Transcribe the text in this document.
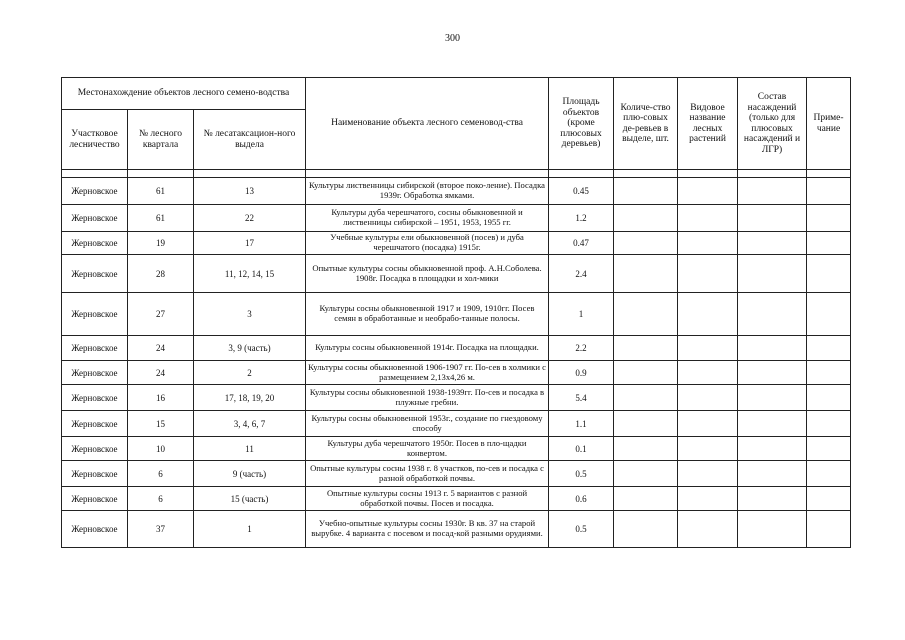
300
Местонахождение объектов лесного семено-водства			Наименование объекта лесного семеновод-ства	Площадь объектов (кроме плюсовых деревьев)	Количе-ство плю-совых де-ревьев в выделе, шт.	Видовое название лесных растений	Состав насаждений (только для плюсовых насаждений и ЛГР)	Приме-чание
Участковое лесничество	№ лесного квартала	№ лесатаксацион-ного выдела						

Жерновское	61	13	Культуры лиственницы сибирской (второе поко-ление). Посадка 1939г. Обработка ямками.	0.45				
Жерновское	61	22	Культуры дуба черешчатого, сосны обыкновенной и лиственницы сибирской – 1951, 1953, 1955 гг.	1.2				
Жерновское	19	17	Учебные культуры ели обыкновенной (посев) и дуба черешчатого (посадка) 1915г.	0.47				
Жерновское	28	11, 12, 14, 15	Опытные культуры сосны обыкновенной проф. А.Н.Соболева. 1908г. Посадка в площадки и хол-мики	2.4				
Жерновское	27	3	Культуры сосны обыкновенной 1917 и 1909, 1910гг. Посев семян в обработанные и необрабо-танные полосы.	1				
Жерновское	24	3, 9 (часть)	Культуры сосны обыкновенной 1914г. Посадка на площадки.	2.2				
Жерновское	24	2	Культуры сосны обыкновенной 1906-1907 гг. По-сев в холмики с размещением 2,13х4,26 м.	0.9				
Жерновское	16	17, 18, 19, 20	Культуры сосны обыкновенной 1938-1939гг. По-сев и посадка в плужные гребни.	5.4				
Жерновское	15	3, 4, 6, 7	Культуры сосны обыкновенной 1953г., создание по гнездовому способу	1.1				
Жерновское	10	11	Культуры дуба черешчатого 1950г. Посев в пло-щадки конвертом.	0.1				
Жерновское	6	9 (часть)	Опытные культуры сосны 1938 г. 8 участков, по-сев и посадка с разной обработкой почвы.	0.5				
Жерновское	6	15 (часть)	Опытные культуры сосны 1913 г. 5 вариантов с разной обработкой почвы. Посев и посадка.	0.6				
Жерновское	37	1	Учебно-опытные культуры сосны 1930г. В кв. 37 на старой вырубке. 4 варианта с посевом и посад-кой разными орудиями.	0.5				
